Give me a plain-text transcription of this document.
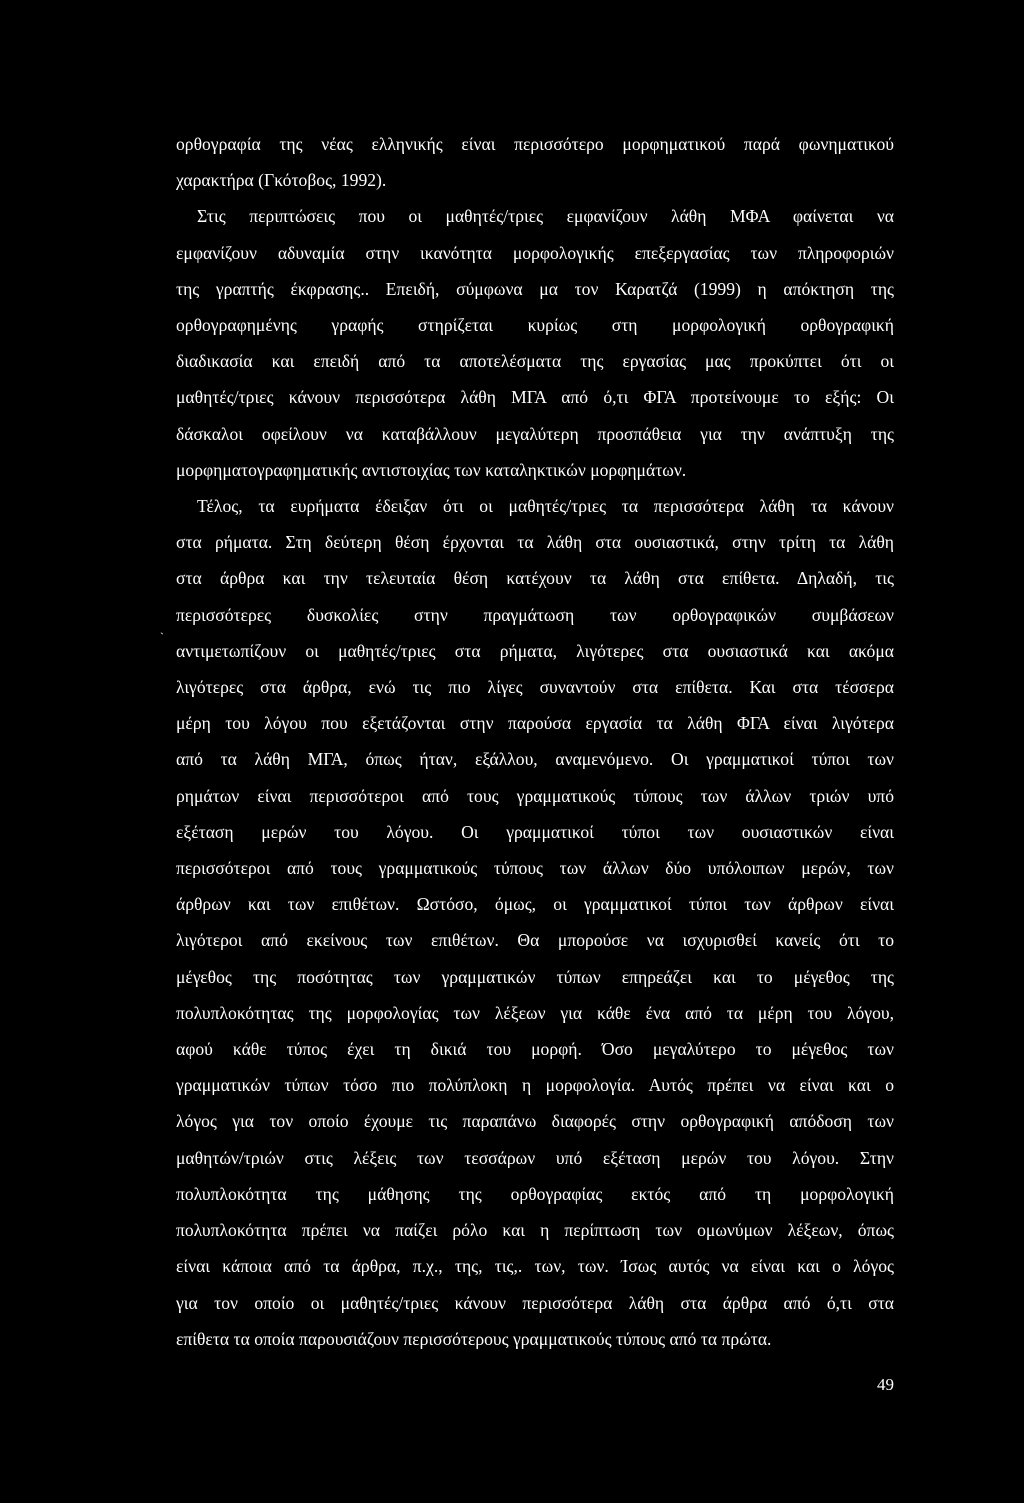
ορθογραφία της νέας ελληνικής είναι περισσότερο μορφηματικού παρά φωνηματικού
χαρακτήρα (Γκότοβος, 1992).
Στις περιπτώσεις που οι μαθητές/τριες εμφανίζουν λάθη ΜΦΑ φαίνεται να
εμφανίζουν αδυναμία στην ικανότητα μορφολογικής επεξεργασίας των πληροφοριών
της γραπτής έκφρασης.. Επειδή, σύμφωνα μα τον Καρατζά (1999) η απόκτηση της
ορθογραφημένης γραφής στηρίζεται κυρίως στη μορφολογική ορθογραφική
διαδικασία και επειδή από τα αποτελέσματα της εργασίας μας προκύπτει ότι οι
μαθητές/τριες κάνουν περισσότερα λάθη ΜΓΑ από ό,τι ΦΓΑ προτείνουμε το εξής: Οι
δάσκαλοι οφείλουν να καταβάλλουν μεγαλύτερη προσπάθεια για την ανάπτυξη της
μορφηματογραφηματικής αντιστοιχίας των καταληκτικών μορφημάτων.
Τέλος, τα ευρήματα έδειξαν ότι οι μαθητές/τριες τα περισσότερα λάθη τα κάνουν
στα ρήματα. Στη δεύτερη θέση έρχονται τα λάθη στα ουσιαστικά, στην τρίτη τα λάθη
στα άρθρα και την τελευταία θέση κατέχουν τα λάθη στα επίθετα. Δηλαδή, τις
περισσότερες δυσκολίες στην πραγμάτωση των ορθογραφικών συμβάσεων
αντιμετωπίζουν οι μαθητές/τριες στα ρήματα, λιγότερες στα ουσιαστικά και ακόμα
λιγότερες στα άρθρα, ενώ τις πιο λίγες συναντούν στα επίθετα. Και στα τέσσερα
μέρη του λόγου που εξετάζονται στην παρούσα εργασία τα λάθη ΦΓΑ είναι λιγότερα
από τα λάθη ΜΓΑ, όπως ήταν, εξάλλου, αναμενόμενο. Οι γραμματικοί τύποι των
ρημάτων είναι περισσότεροι από τους γραμματικούς τύπους των άλλων τριών υπό
εξέταση μερών του λόγου. Οι γραμματικοί τύποι των ουσιαστικών είναι
περισσότεροι από τους γραμματικούς τύπους των άλλων δύο υπόλοιπων μερών, των
άρθρων και των επιθέτων. Ωστόσο, όμως, οι γραμματικοί τύποι των άρθρων είναι
λιγότεροι από εκείνους των επιθέτων. Θα μπορούσε να ισχυρισθεί κανείς ότι το
μέγεθος της ποσότητας των γραμματικών τύπων επηρεάζει και το μέγεθος της
πολυπλοκότητας της μορφολογίας των λέξεων για κάθε ένα από τα μέρη του λόγου,
αφού κάθε τύπος έχει τη δικιά του μορφή. Όσο μεγαλύτερο το μέγεθος των
γραμματικών τύπων τόσο πιο πολύπλοκη η μορφολογία. Αυτός πρέπει να είναι και ο
λόγος για τον οποίο έχουμε τις παραπάνω διαφορές στην ορθογραφική απόδοση των
μαθητών/τριών στις λέξεις των τεσσάρων υπό εξέταση μερών του λόγου. Στην
πολυπλοκότητα της μάθησης της ορθογραφίας εκτός από τη μορφολογική
πολυπλοκότητα πρέπει να παίζει ρόλο και η περίπτωση των ομωνύμων λέξεων, όπως
είναι κάποια από τα άρθρα, π.χ., της, τις,. των, των. Ίσως αυτός να είναι και ο λόγος
για τον οποίο οι μαθητές/τριες κάνουν περισσότερα λάθη στα άρθρα από ό,τι στα
επίθετα τα οποία παρουσιάζουν περισσότερους γραμματικούς τύπους από τα πρώτα.
`
49
